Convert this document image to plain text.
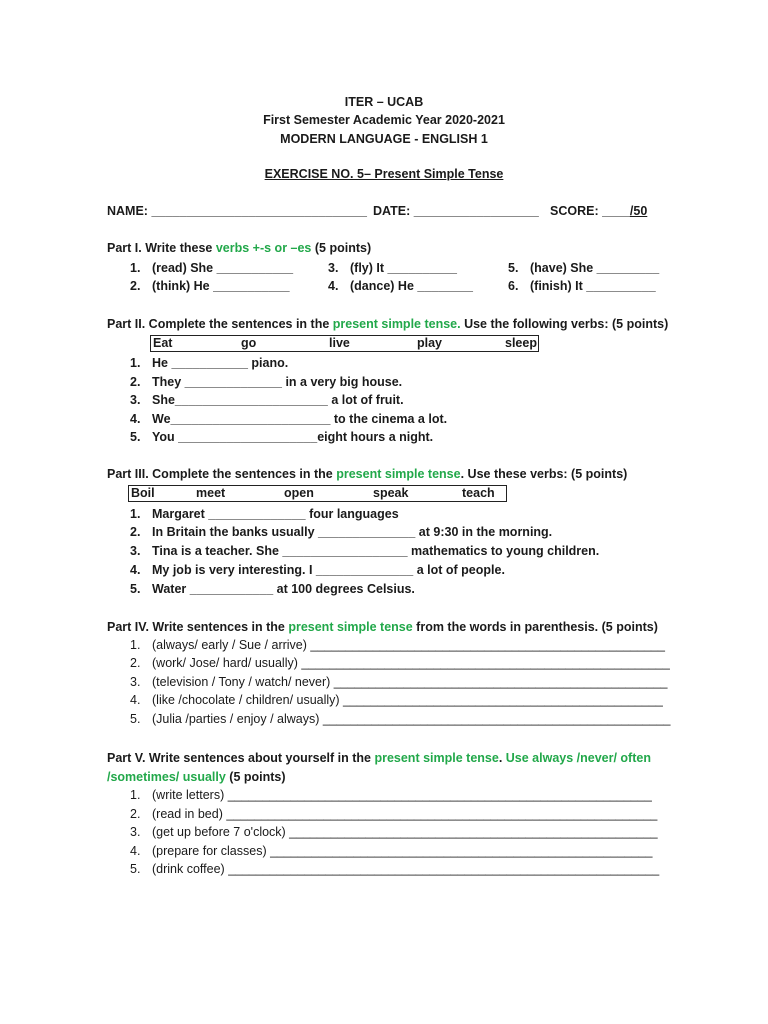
ITER – UCAB
First Semester Academic Year 2020-2021
MODERN LANGUAGE - ENGLISH 1
EXERCISE NO. 5– Present Simple Tense
NAME: _______________________________ DATE: __________________ SCORE: ____/50
Part I. Write these verbs +-s or –es (5 points)
1. (read) She ___________	3. (fly) It __________	5. (have) She _________
2. (think) He ___________	4. (dance) He ________	6. (finish) It __________
Part II. Complete the sentences in the present simple tense. Use the following verbs: (5 points)
Eat	go	live	play	sleep
1. He ___________ piano.
2. They ______________ in a very big house.
3. She______________________ a lot of fruit.
4. We_______________________ to the cinema a lot.
5. You ____________________eight hours a night.
Part III. Complete the sentences in the present simple tense. Use these verbs: (5 points)
Boil	meet	open	speak	teach
1. Margaret ______________ four languages
2. In Britain the banks usually ______________ at 9:30 in the morning.
3. Tina is a teacher. She __________________ mathematics to young children.
4. My job is very interesting. I ______________ a lot of people.
5. Water ____________ at 100 degrees Celsius.
Part IV. Write sentences in the present simple tense from the words in parenthesis. (5 points)
1. (always/ early / Sue / arrive) ___________________________________________________
2. (work/ Jose/ hard/ usually) _____________________________________________________
3. (television / Tony / watch/ never) ________________________________________________
4. (like /chocolate / children/ usually) ______________________________________________
5. (Julia /parties / enjoy / always) __________________________________________________
Part V. Write sentences about yourself in the present simple tense. Use always /never/ often
/sometimes/ usually (5 points)
1. (write letters) _____________________________________________________________
2. (read in bed) ______________________________________________________________
3. (get up before 7 o'clock) _____________________________________________________
4. (prepare for classes) _______________________________________________________
5. (drink coffee) ______________________________________________________________
